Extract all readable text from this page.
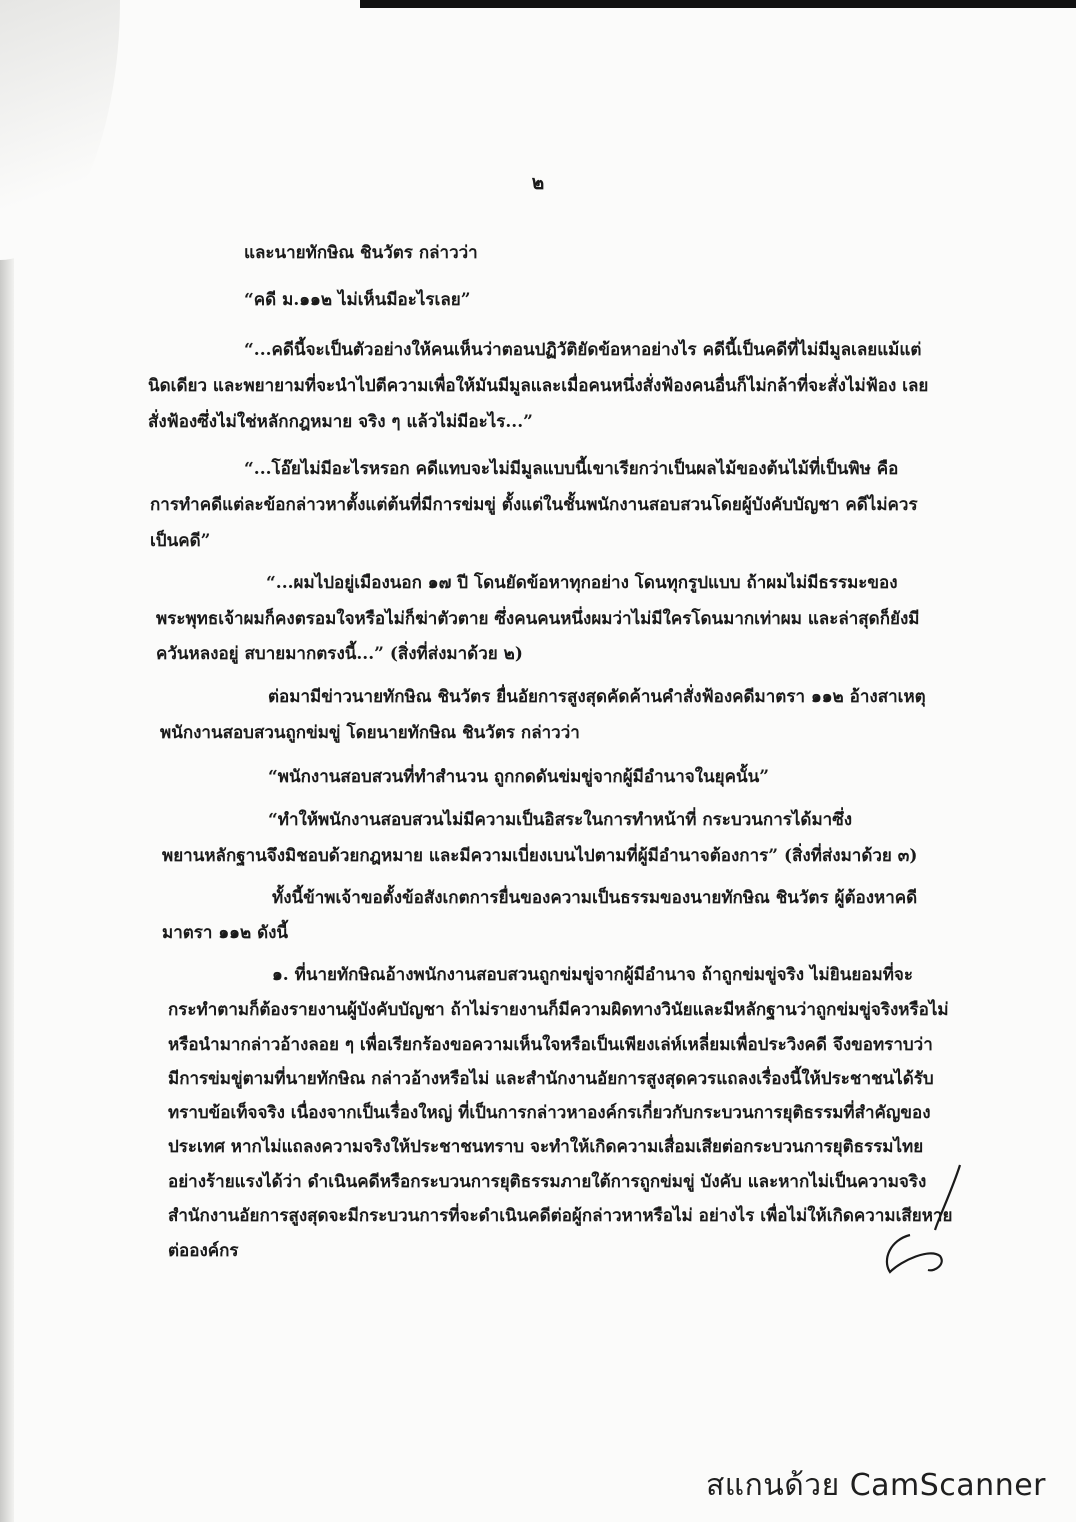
๒

และนายทักษิณ ชินวัตร กล่าวว่า

“คดี ม.๑๑๒ ไม่เห็นมีอะไรเลย”

“...คดีนี้จะเป็นตัวอย่างให้คนเห็นว่าตอนปฏิวัติยัดข้อหาอย่างไร คดีนี้เป็นคดีที่ไม่มีมูลเลยแม้แต่

นิดเดียว และพยายามที่จะนำไปตีความเพื่อให้มันมีมูลและเมื่อคนหนึ่งสั่งฟ้องคนอื่นก็ไม่กล้าที่จะสั่งไม่ฟ้อง เลย

สั่งฟ้องซึ่งไม่ใช่หลักกฎหมาย จริง ๆ แล้วไม่มีอะไร...”

“...โอ๊ยไม่มีอะไรหรอก คดีแทบจะไม่มีมูลแบบนี้เขาเรียกว่าเป็นผลไม้ของต้นไม้ที่เป็นพิษ คือ

การทำคดีแต่ละข้อกล่าวหาตั้งแต่ต้นที่มีการข่มขู่ ตั้งแต่ในชั้นพนักงานสอบสวนโดยผู้บังคับบัญชา คดีไม่ควร

เป็นคดี”

“...ผมไปอยู่เมืองนอก ๑๗ ปี โดนยัดข้อหาทุกอย่าง โดนทุกรูปแบบ ถ้าผมไม่มีธรรมะของ

พระพุทธเจ้าผมก็คงตรอมใจหรือไม่ก็ฆ่าตัวตาย ซึ่งคนคนหนึ่งผมว่าไม่มีใครโดนมากเท่าผม และล่าสุดก็ยังมี

ควันหลงอยู่ สบายมากตรงนี้...” (สิ่งที่ส่งมาด้วย ๒)

ต่อมามีข่าวนายทักษิณ ชินวัตร ยื่นอัยการสูงสุดคัดค้านคำสั่งฟ้องคดีมาตรา ๑๑๒ อ้างสาเหตุ

พนักงานสอบสวนถูกข่มขู่ โดยนายทักษิณ ชินวัตร กล่าวว่า

“พนักงานสอบสวนที่ทำสำนวน ถูกกดดันข่มขู่จากผู้มีอำนาจในยุคนั้น”

“ทำให้พนักงานสอบสวนไม่มีความเป็นอิสระในการทำหน้าที่ กระบวนการได้มาซึ่ง

พยานหลักฐานจึงมิชอบด้วยกฎหมาย และมีความเบี่ยงเบนไปตามที่ผู้มีอำนาจต้องการ” (สิ่งที่ส่งมาด้วย ๓)

ทั้งนี้ข้าพเจ้าขอตั้งข้อสังเกตการยื่นของความเป็นธรรมของนายทักษิณ ชินวัตร ผู้ต้องหาคดี

มาตรา ๑๑๒ ดังนี้

๑. ที่นายทักษิณอ้างพนักงานสอบสวนถูกข่มขู่จากผู้มีอำนาจ ถ้าถูกข่มขู่จริง ไม่ยินยอมที่จะ

กระทำตามก็ต้องรายงานผู้บังคับบัญชา ถ้าไม่รายงานก็มีความผิดทางวินัยและมีหลักฐานว่าถูกข่มขู่จริงหรือไม่

หรือนำมากล่าวอ้างลอย ๆ เพื่อเรียกร้องขอความเห็นใจหรือเป็นเพียงเล่ห์เหลี่ยมเพื่อประวิงคดี จึงขอทราบว่า

มีการข่มขู่ตามที่นายทักษิณ กล่าวอ้างหรือไม่ และสำนักงานอัยการสูงสุดควรแถลงเรื่องนี้ให้ประชาชนได้รับ

ทราบข้อเท็จจริง เนื่องจากเป็นเรื่องใหญ่ ที่เป็นการกล่าวหาองค์กรเกี่ยวกับกระบวนการยุติธรรมที่สำคัญของ

ประเทศ หากไม่แถลงความจริงให้ประชาชนทราบ จะทำให้เกิดความเสื่อมเสียต่อกระบวนการยุติธรรมไทย

อย่างร้ายแรงได้ว่า ดำเนินคดีหรือกระบวนการยุติธรรมภายใต้การถูกข่มขู่ บังคับ และหากไม่เป็นความจริง

สำนักงานอัยการสูงสุดจะมีกระบวนการที่จะดำเนินคดีต่อผู้กล่าวหาหรือไม่ อย่างไร เพื่อไม่ให้เกิดความเสียหาย

ต่อองค์กร

สแกนด้วย CamScanner
